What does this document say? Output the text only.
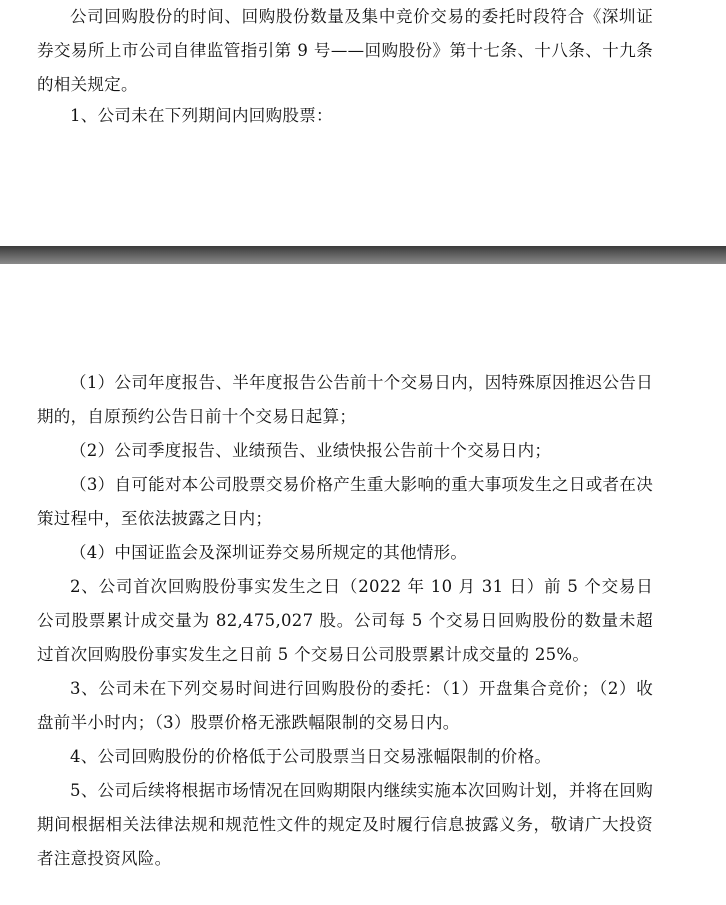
公司回购股份的时间、回购股份数量及集中竞价交易的委托时段符合《深圳证券交易所上市公司自律监管指引第 9 号——回购股份》第十七条、十八条、十九条的相关规定。

1、公司未在下列期间内回购股票：

（1）公司年度报告、半年度报告公告前十个交易日内，因特殊原因推迟公告日期的，自原预约公告日前十个交易日起算；

（2）公司季度报告、业绩预告、业绩快报公告前十个交易日内；

（3）自可能对本公司股票交易价格产生重大影响的重大事项发生之日或者在决策过程中，至依法披露之日内；

（4）中国证监会及深圳证券交易所规定的其他情形。

2、公司首次回购股份事实发生之日（2022 年 10 月 31 日）前 5 个交易日公司股票累计成交量为 82,475,027 股。公司每 5 个交易日回购股份的数量未超过首次回购股份事实发生之日前 5 个交易日公司股票累计成交量的 25%。

3、公司未在下列交易时间进行回购股份的委托：（1）开盘集合竞价；（2）收盘前半小时内；（3）股票价格无涨跌幅限制的交易日内。

4、公司回购股份的价格低于公司股票当日交易涨幅限制的价格。

5、公司后续将根据市场情况在回购期限内继续实施本次回购计划，并将在回购期间根据相关法律法规和规范性文件的规定及时履行信息披露义务，敬请广大投资者注意投资风险。
